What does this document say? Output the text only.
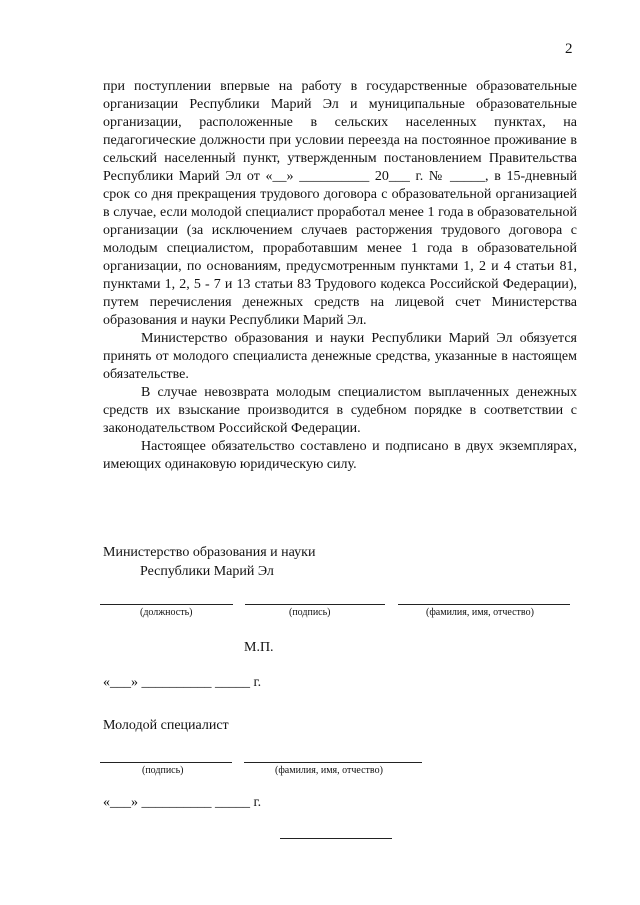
2

при поступлении впервые на работу в государственные образовательные организации Республики Марий Эл и муниципальные образовательные организации, расположенные в сельских населенных пунктах, на педагогические должности при условии переезда на постоянное проживание в сельский населенный пункт, утвержденным постановлением Правительства Республики Марий Эл от «__» __________ 20___ г. № _____, в 15-дневный срок со дня прекращения трудового договора с образовательной организацией в случае, если молодой специалист проработал менее 1 года в образовательной организации (за исключением случаев расторжения трудового договора с молодым специалистом, проработавшим менее 1 года в образовательной организации, по основаниям, предусмотренным пунктами 1, 2 и 4 статьи 81, пунктами 1, 2, 5 - 7 и 13 статьи 83 Трудового кодекса Российской Федерации), путем перечисления денежных средств на лицевой счет Министерства образования и науки Республики Марий Эл.

Министерство образования и науки Республики Марий Эл обязуется принять от молодого специалиста денежные средства, указанные в настоящем обязательстве.

В случае невозврата молодым специалистом выплаченных денежных средств их взыскание производится в судебном порядке в соответствии с законодательством Российской Федерации.

Настоящее обязательство составлено и подписано в двух экземплярах, имеющих одинаковую юридическую силу.

Министерство образования и науки
Республики Марий Эл
(должность)	(подпись)	(фамилия, имя, отчество)
М.П.
«___» __________ _____ г.
Молодой специалист
(подпись)	(фамилия, имя, отчество)
«___» __________ _____ г.
